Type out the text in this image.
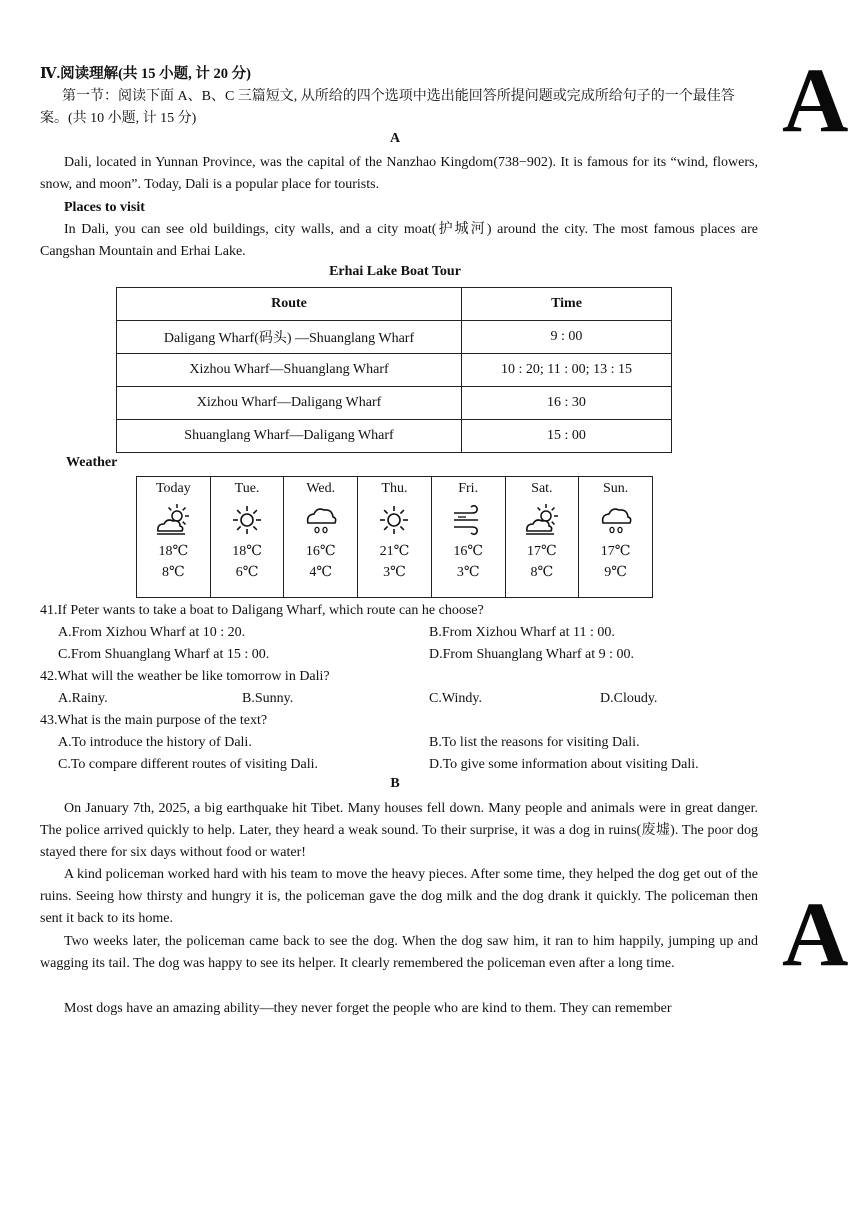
A
A
Ⅳ.阅读理解(共 15 小题, 计 20 分)
第一节：阅读下面 A、B、C 三篇短文, 从所给的四个选项中选出能回答所提问题或完成所给句子的一个最佳答案。(共 10 小题, 计 15 分)
A
Dali, located in Yunnan Province, was the capital of the Nanzhao Kingdom(738−902). It is famous for its “wind, flowers, snow, and moon”. Today, Dali is a popular place for tourists.
Places to visit
In Dali, you can see old buildings, city walls, and a city moat(护城河) around the city. The most famous places are Cangshan Mountain and Erhai Lake.
Erhai Lake Boat Tour
Route	Time
Daligang Wharf(码头) —Shuanglang Wharf	9 : 00
Xizhou Wharf—Shuanglang Wharf	10 : 20; 11 : 00; 13 : 15
Xizhou Wharf—Daligang Wharf	16 : 30
Shuanglang Wharf—Daligang Wharf	15 : 00
Weather
Today
18℃
8℃

Tue.
18℃
6℃

Wed.
16℃
4℃

Thu.
21℃
3℃

Fri.
16℃
3℃

Sat.
17℃
8℃

Sun.
17℃
9℃
41.If Peter wants to take a boat to Daligang Wharf, which route can he choose?
A.From Xizhou Wharf at 10 : 20.	B.From Xizhou Wharf at 11 : 00.
C.From Shuanglang Wharf at 15 : 00.	D.From Shuanglang Wharf at 9 : 00.
42.What will the weather be like tomorrow in Dali?
A.Rainy.	B.Sunny.	C.Windy.	D.Cloudy.
43.What is the main purpose of the text?
A.To introduce the history of Dali.	B.To list the reasons for visiting Dali.
C.To compare different routes of visiting Dali.	D.To give some information about visiting Dali.
B
On January 7th, 2025, a big earthquake hit Tibet. Many houses fell down. Many people and animals were in great danger. The police arrived quickly to help. Later, they heard a weak sound. To their surprise, it was a dog in ruins(废墟). The poor dog stayed there for six days without food or water!
A kind policeman worked hard with his team to move the heavy pieces. After some time, they helped the dog get out of the ruins. Seeing how thirsty and hungry it is, the policeman gave the dog milk and the dog drank it quickly. The policeman then sent it back to its home.
Two weeks later, the policeman came back to see the dog. When the dog saw him, it ran to him happily, jumping up and wagging its tail. The dog was happy to see its helper. It clearly remembered the policeman even after a long time.
Most dogs have an amazing ability—they never forget the people who are kind to them. They can remember
